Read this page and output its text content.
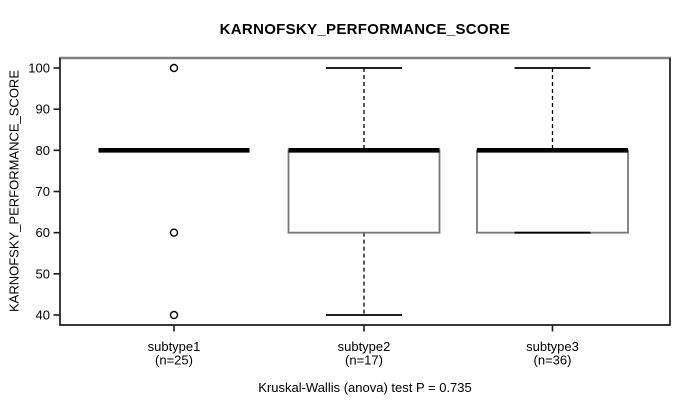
KARNOFSKY_PERFORMANCE_SCORE
KARNOFSKY_PERFORMANCE_SCORE
40
50
60
70
80
90
100
subtype1
(n=25)
subtype2
(n=17)
subtype3
(n=36)
Kruskal-Wallis (anova) test P = 0.735
